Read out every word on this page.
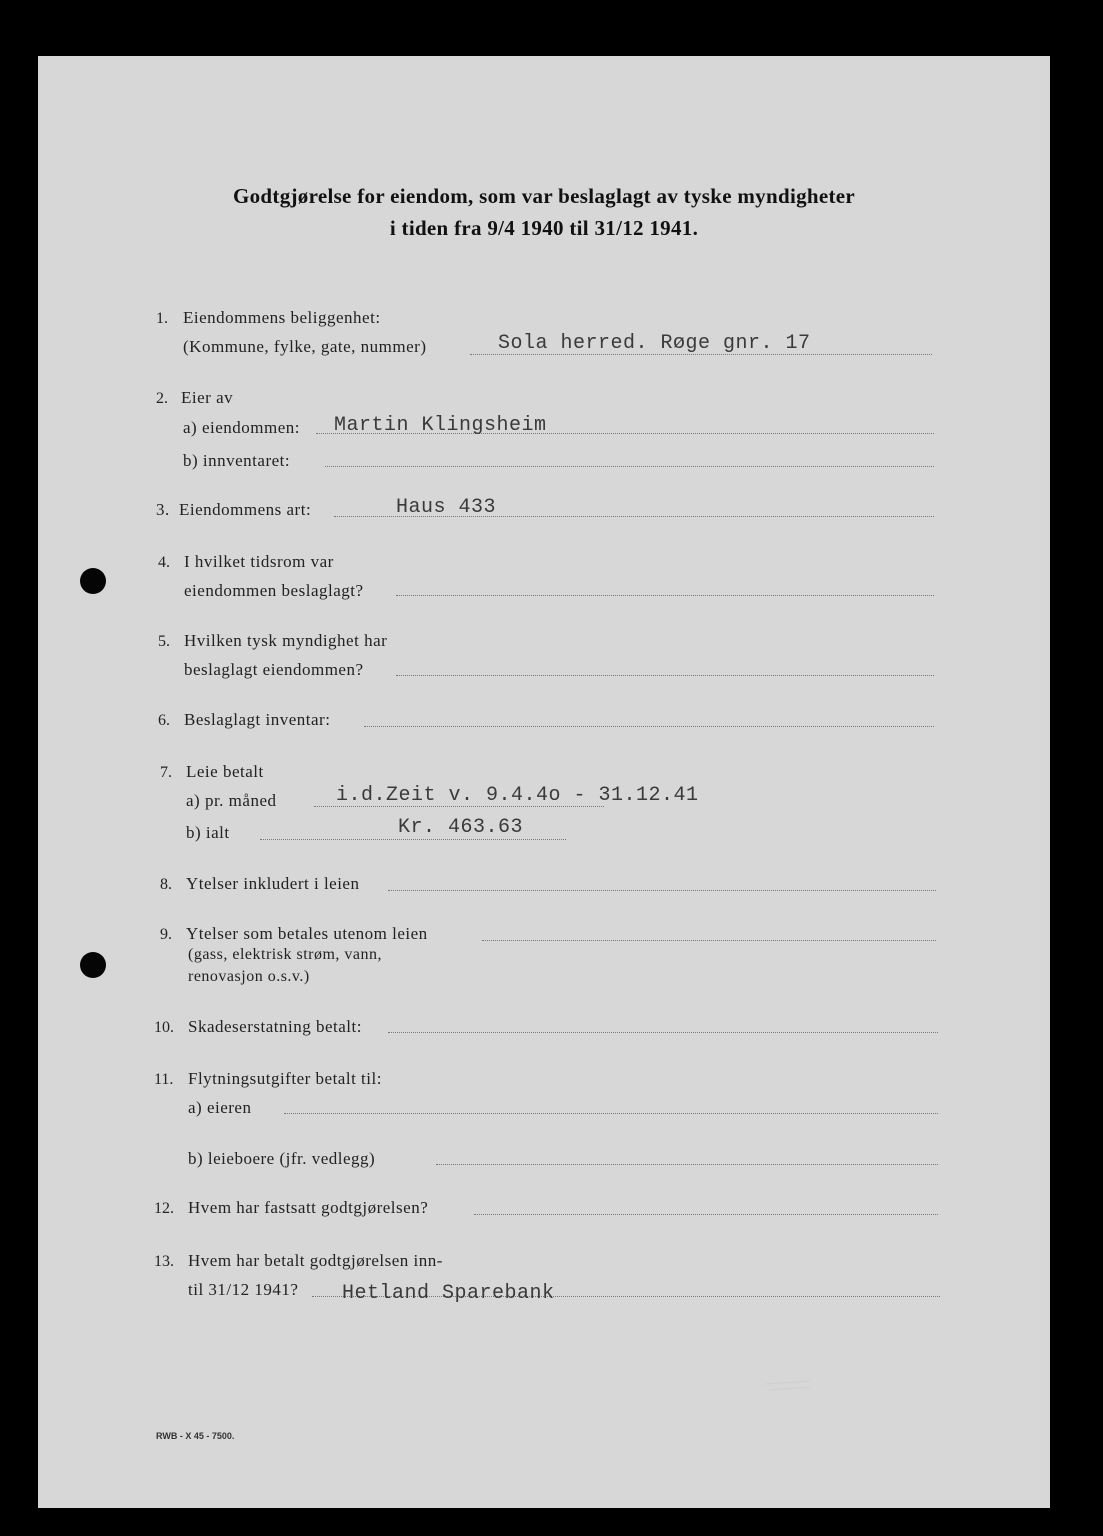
Godtgjørelse for eiendom, som var beslaglagt av tyske myndigheter
i tiden fra 9/4 1940 til 31/12 1941.
1. Eiendommens beliggenhet:
(Kommune, fylke, gate, nummer)	Sola herred. Røge gnr. 17
2. Eier av
a) eiendommen: Martin Klingsheim
b) innventaret:
3. Eiendommens art:	Haus 433
4. I hvilket tidsrom var
eiendommen beslaglagt?
5. Hvilken tysk myndighet har
beslaglagt eiendommen?
6. Beslaglagt inventar:
7. Leie betalt
a) pr. måned	i.d.Zeit v. 9.4.4o - 31.12.41
b) ialt	Kr. 463.63
8. Ytelser inkludert i leien
9. Ytelser som betales utenom leien
(gass, elektrisk strøm, vann,
renovasjon o.s.v.)
10. Skadeserstatning betalt:
11. Flytningsutgifter betalt til:
a) eieren
b) leieboere (jfr. vedlegg)
12. Hvem har fastsatt godtgjørelsen?
13. Hvem har betalt godtgjørelsen inn-
til 31/12 1941? Hetland Sparebank
RWB - X 45 - 7500.
